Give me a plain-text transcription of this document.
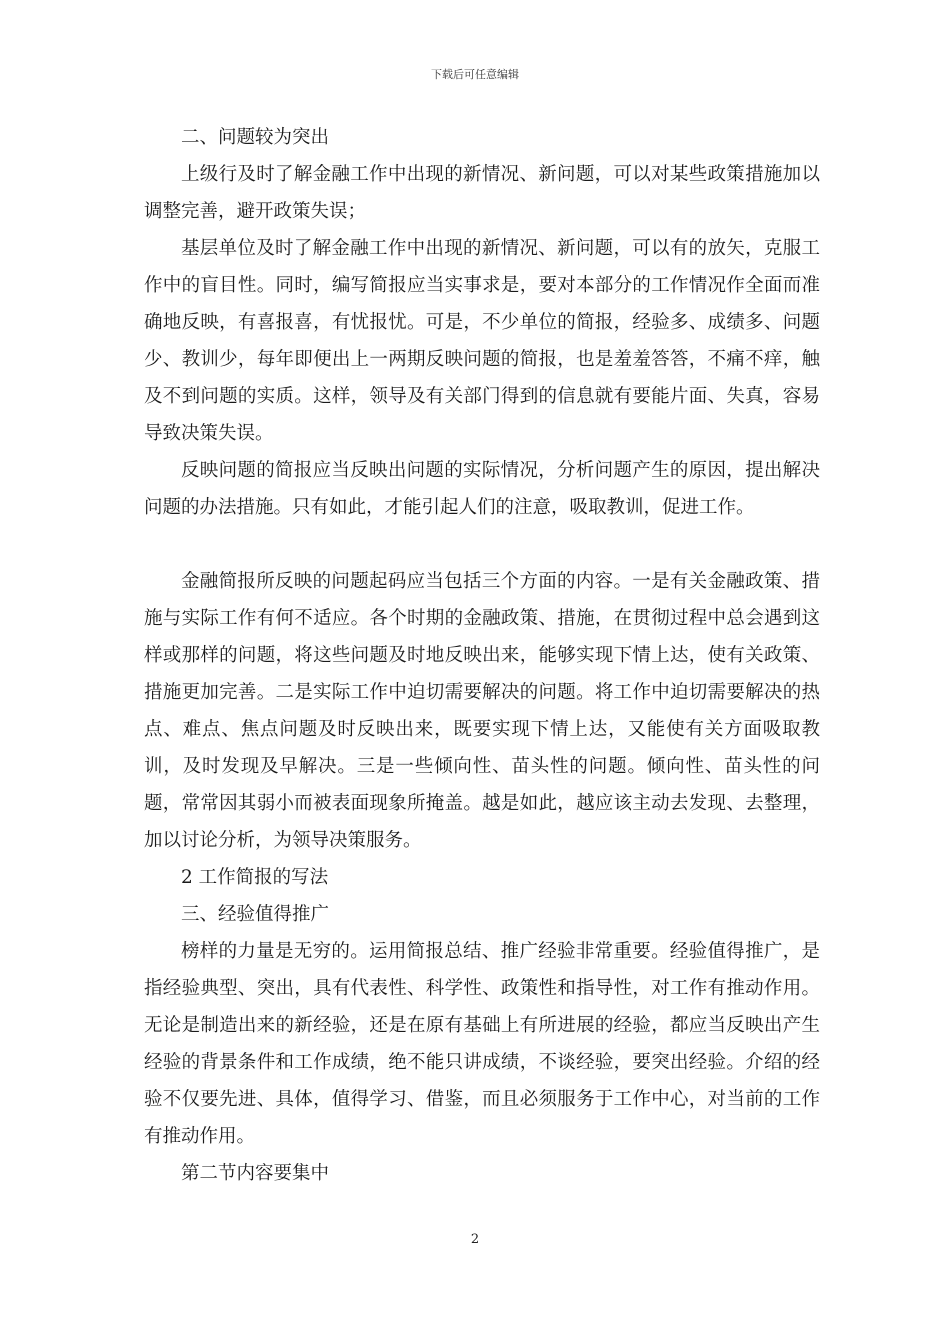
下载后可任意编辑

二、问题较为突出

上级行及时了解金融工作中出现的新情况、新问题，可以对某些政策措施加以调整完善，避开政策失误；

基层单位及时了解金融工作中出现的新情况、新问题，可以有的放矢，克服工作中的盲目性。同时，编写简报应当实事求是，要对本部分的工作情况作全面而准确地反映，有喜报喜，有忧报忧。可是，不少单位的简报，经验多、成绩多、问题少、教训少，每年即便出上一两期反映问题的简报，也是羞羞答答，不痛不痒，触及不到问题的实质。这样，领导及有关部门得到的信息就有要能片面、失真，容易导致决策失误。

反映问题的简报应当反映出问题的实际情况，分析问题产生的原因，提出解决问题的办法措施。只有如此，才能引起人们的注意，吸取教训，促进工作。

金融简报所反映的问题起码应当包括三个方面的内容。一是有关金融政策、措施与实际工作有何不适应。各个时期的金融政策、措施，在贯彻过程中总会遇到这样或那样的问题，将这些问题及时地反映出来，能够实现下情上达，使有关政策、措施更加完善。二是实际工作中迫切需要解决的问题。将工作中迫切需要解决的热点、难点、焦点问题及时反映出来，既要实现下情上达，又能使有关方面吸取教训，及时发现及早解决。三是一些倾向性、苗头性的问题。倾向性、苗头性的问题，常常因其弱小而被表面现象所掩盖。越是如此，越应该主动去发现、去整理，加以讨论分析，为领导决策服务。

2 工作简报的写法

三、经验值得推广

榜样的力量是无穷的。运用简报总结、推广经验非常重要。经验值得推广，是指经验典型、突出，具有代表性、科学性、政策性和指导性，对工作有推动作用。无论是制造出来的新经验，还是在原有基础上有所进展的经验，都应当反映出产生经验的背景条件和工作成绩，绝不能只讲成绩，不谈经验，要突出经验。介绍的经验不仅要先进、具体，值得学习、借鉴，而且必须服务于工作中心，对当前的工作有推动作用。

第二节内容要集中

2
